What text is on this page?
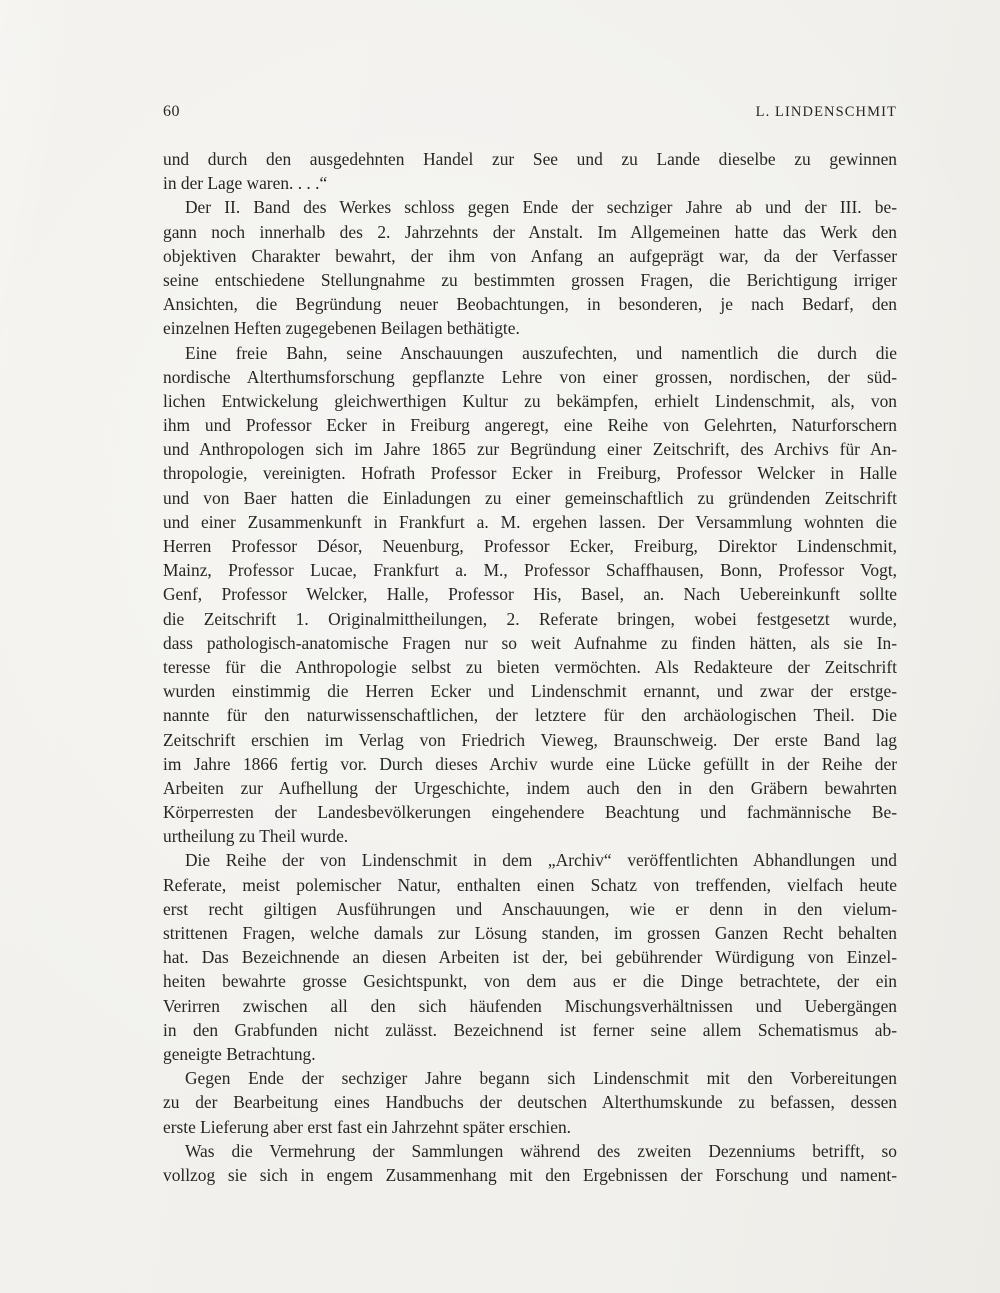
60	L. LINDENSCHMIT
und durch den ausgedehnten Handel zur See und zu Lande dieselbe zu gewinnen
in der Lage waren. . . .“
Der II. Band des Werkes schloss gegen Ende der sechziger Jahre ab und der III. be-
gann noch innerhalb des 2. Jahrzehnts der Anstalt. Im Allgemeinen hatte das Werk den
objektiven Charakter bewahrt, der ihm von Anfang an aufgeprägt war, da der Verfasser
seine entschiedene Stellungnahme zu bestimmten grossen Fragen, die Berichtigung irriger
Ansichten, die Begründung neuer Beobachtungen, in besonderen, je nach Bedarf, den
einzelnen Heften zugegebenen Beilagen bethätigte.
Eine freie Bahn, seine Anschauungen auszufechten, und namentlich die durch die
nordische Alterthumsforschung gepflanzte Lehre von einer grossen, nordischen, der süd-
lichen Entwickelung gleichwerthigen Kultur zu bekämpfen, erhielt Lindenschmit, als, von
ihm und Professor Ecker in Freiburg angeregt, eine Reihe von Gelehrten, Naturforschern
und Anthropologen sich im Jahre 1865 zur Begründung einer Zeitschrift, des Archivs für An-
thropologie, vereinigten. Hofrath Professor Ecker in Freiburg, Professor Welcker in Halle
und von Baer hatten die Einladungen zu einer gemeinschaftlich zu gründenden Zeitschrift
und einer Zusammenkunft in Frankfurt a. M. ergehen lassen. Der Versammlung wohnten die
Herren Professor Désor, Neuenburg, Professor Ecker, Freiburg, Direktor Lindenschmit,
Mainz, Professor Lucae, Frankfurt a. M., Professor Schaffhausen, Bonn, Professor Vogt,
Genf, Professor Welcker, Halle, Professor His, Basel, an. Nach Uebereinkunft sollte
die Zeitschrift 1. Originalmittheilungen, 2. Referate bringen, wobei festgesetzt wurde,
dass pathologisch-anatomische Fragen nur so weit Aufnahme zu finden hätten, als sie In-
teresse für die Anthropologie selbst zu bieten vermöchten. Als Redakteure der Zeitschrift
wurden einstimmig die Herren Ecker und Lindenschmit ernannt, und zwar der erstge-
nannte für den naturwissenschaftlichen, der letztere für den archäologischen Theil. Die
Zeitschrift erschien im Verlag von Friedrich Vieweg, Braunschweig. Der erste Band lag
im Jahre 1866 fertig vor. Durch dieses Archiv wurde eine Lücke gefüllt in der Reihe der
Arbeiten zur Aufhellung der Urgeschichte, indem auch den in den Gräbern bewahrten
Körperresten der Landesbevölkerungen eingehendere Beachtung und fachmännische Be-
urtheilung zu Theil wurde.
Die Reihe der von Lindenschmit in dem „Archiv“ veröffentlichten Abhandlungen und
Referate, meist polemischer Natur, enthalten einen Schatz von treffenden, vielfach heute
erst recht giltigen Ausführungen und Anschauungen, wie er denn in den vielum-
strittenen Fragen, welche damals zur Lösung standen, im grossen Ganzen Recht behalten
hat. Das Bezeichnende an diesen Arbeiten ist der, bei gebührender Würdigung von Einzel-
heiten bewahrte grosse Gesichtspunkt, von dem aus er die Dinge betrachtete, der ein
Verirren zwischen all den sich häufenden Mischungsverhältnissen und Uebergängen
in den Grabfunden nicht zulässt. Bezeichnend ist ferner seine allem Schematismus ab-
geneigte Betrachtung.
Gegen Ende der sechziger Jahre begann sich Lindenschmit mit den Vorbereitungen
zu der Bearbeitung eines Handbuchs der deutschen Alterthumskunde zu befassen, dessen
erste Lieferung aber erst fast ein Jahrzehnt später erschien.
Was die Vermehrung der Sammlungen während des zweiten Dezenniums betrifft, so
vollzog sie sich in engem Zusammenhang mit den Ergebnissen der Forschung und nament-
